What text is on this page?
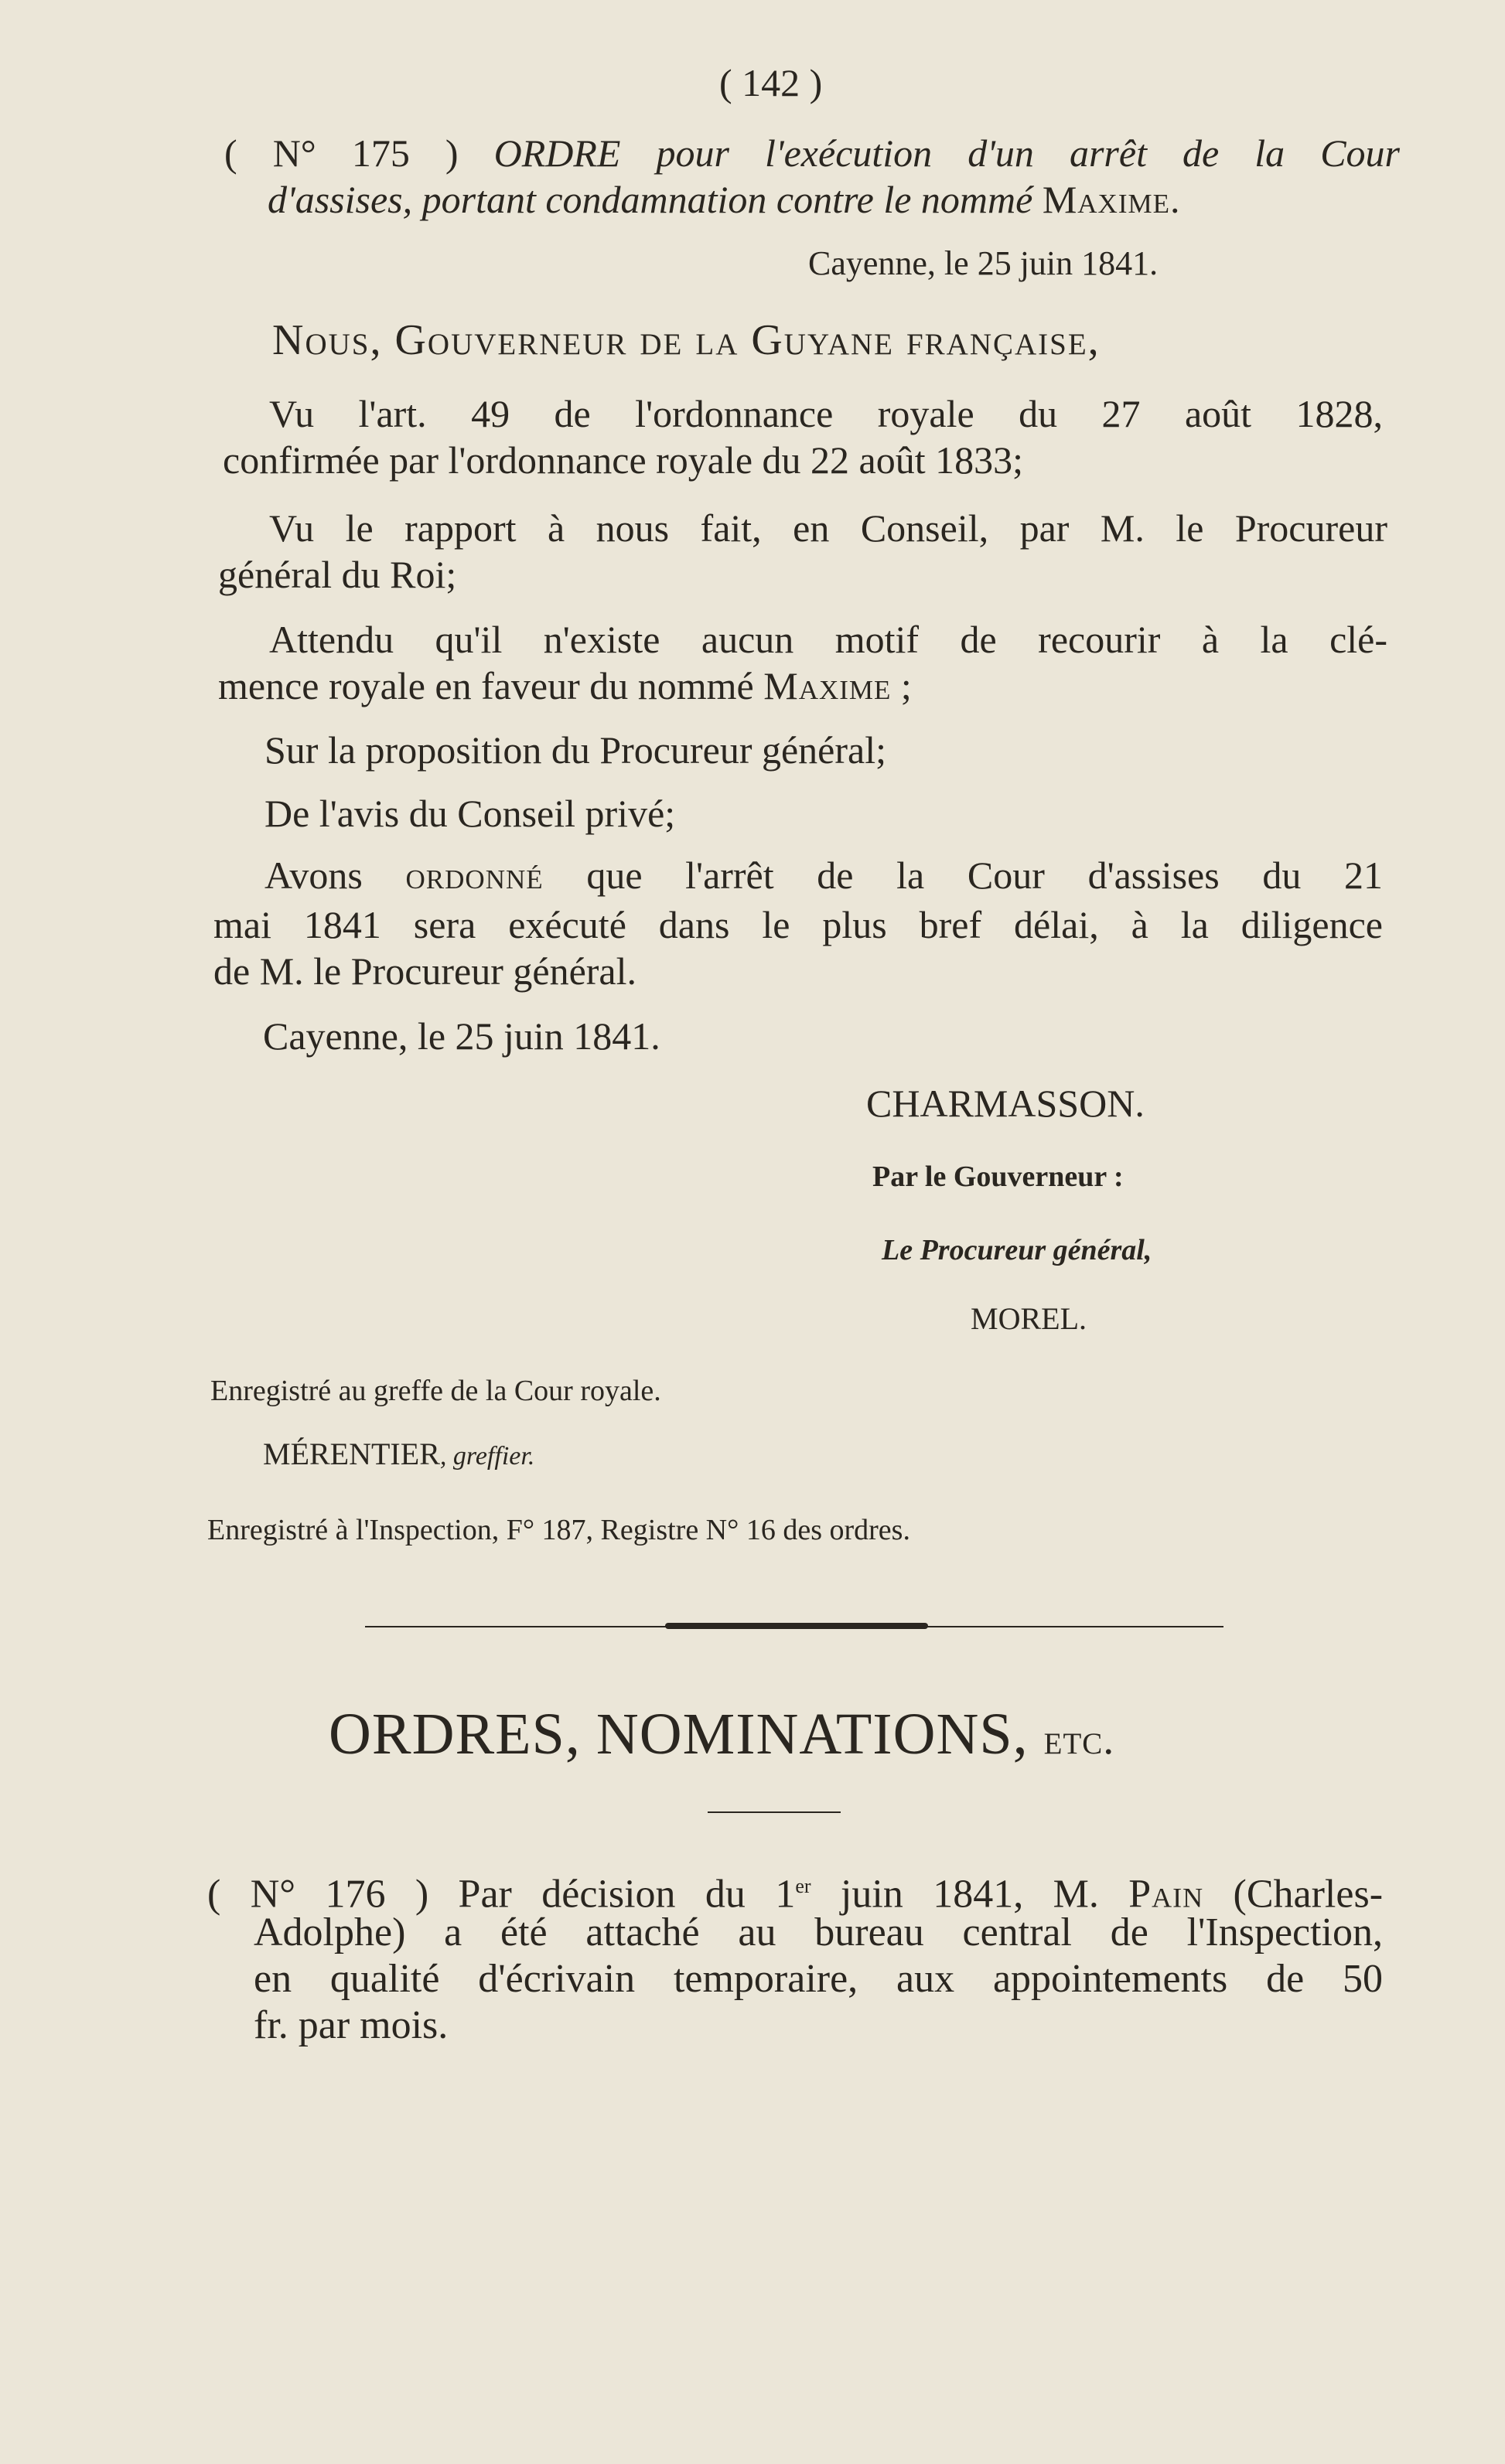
( 142 )
( N° 175 ) ORDRE pour l'exécution d'un arrêt de la Cour
d'assises, portant condamnation contre le nommé Maxime.
Cayenne, le 25 juin 1841.
Nous, Gouverneur de la Guyane française,
Vu l'art. 49 de l'ordonnance royale du 27 août 1828,
confirmée par l'ordonnance royale du 22 août 1833;
Vu le rapport à nous fait, en Conseil, par M. le Procureur
général du Roi;
Attendu qu'il n'existe aucun motif de recourir à la clé-
mence royale en faveur du nommé Maxime ;
Sur la proposition du Procureur général;
De l'avis du Conseil privé;
Avons ordonné que l'arrêt de la Cour d'assises du 21
mai 1841 sera exécuté dans le plus bref délai, à la diligence
de M. le Procureur général.
Cayenne, le 25 juin 1841.
CHARMASSON.
Par le Gouverneur :
Le Procureur général,
MOREL.
Enregistré au greffe de la Cour royale.
MÉRENTIER, greffier.
Enregistré à l'Inspection, F° 187, Registre N° 16 des ordres.
ORDRES, NOMINATIONS, etc.
( N° 176 ) Par décision du 1er juin 1841, M. Pain (Charles-
Adolphe) a été attaché au bureau central de l'Inspection,
en qualité d'écrivain temporaire, aux appointements de 50
fr. par mois.
